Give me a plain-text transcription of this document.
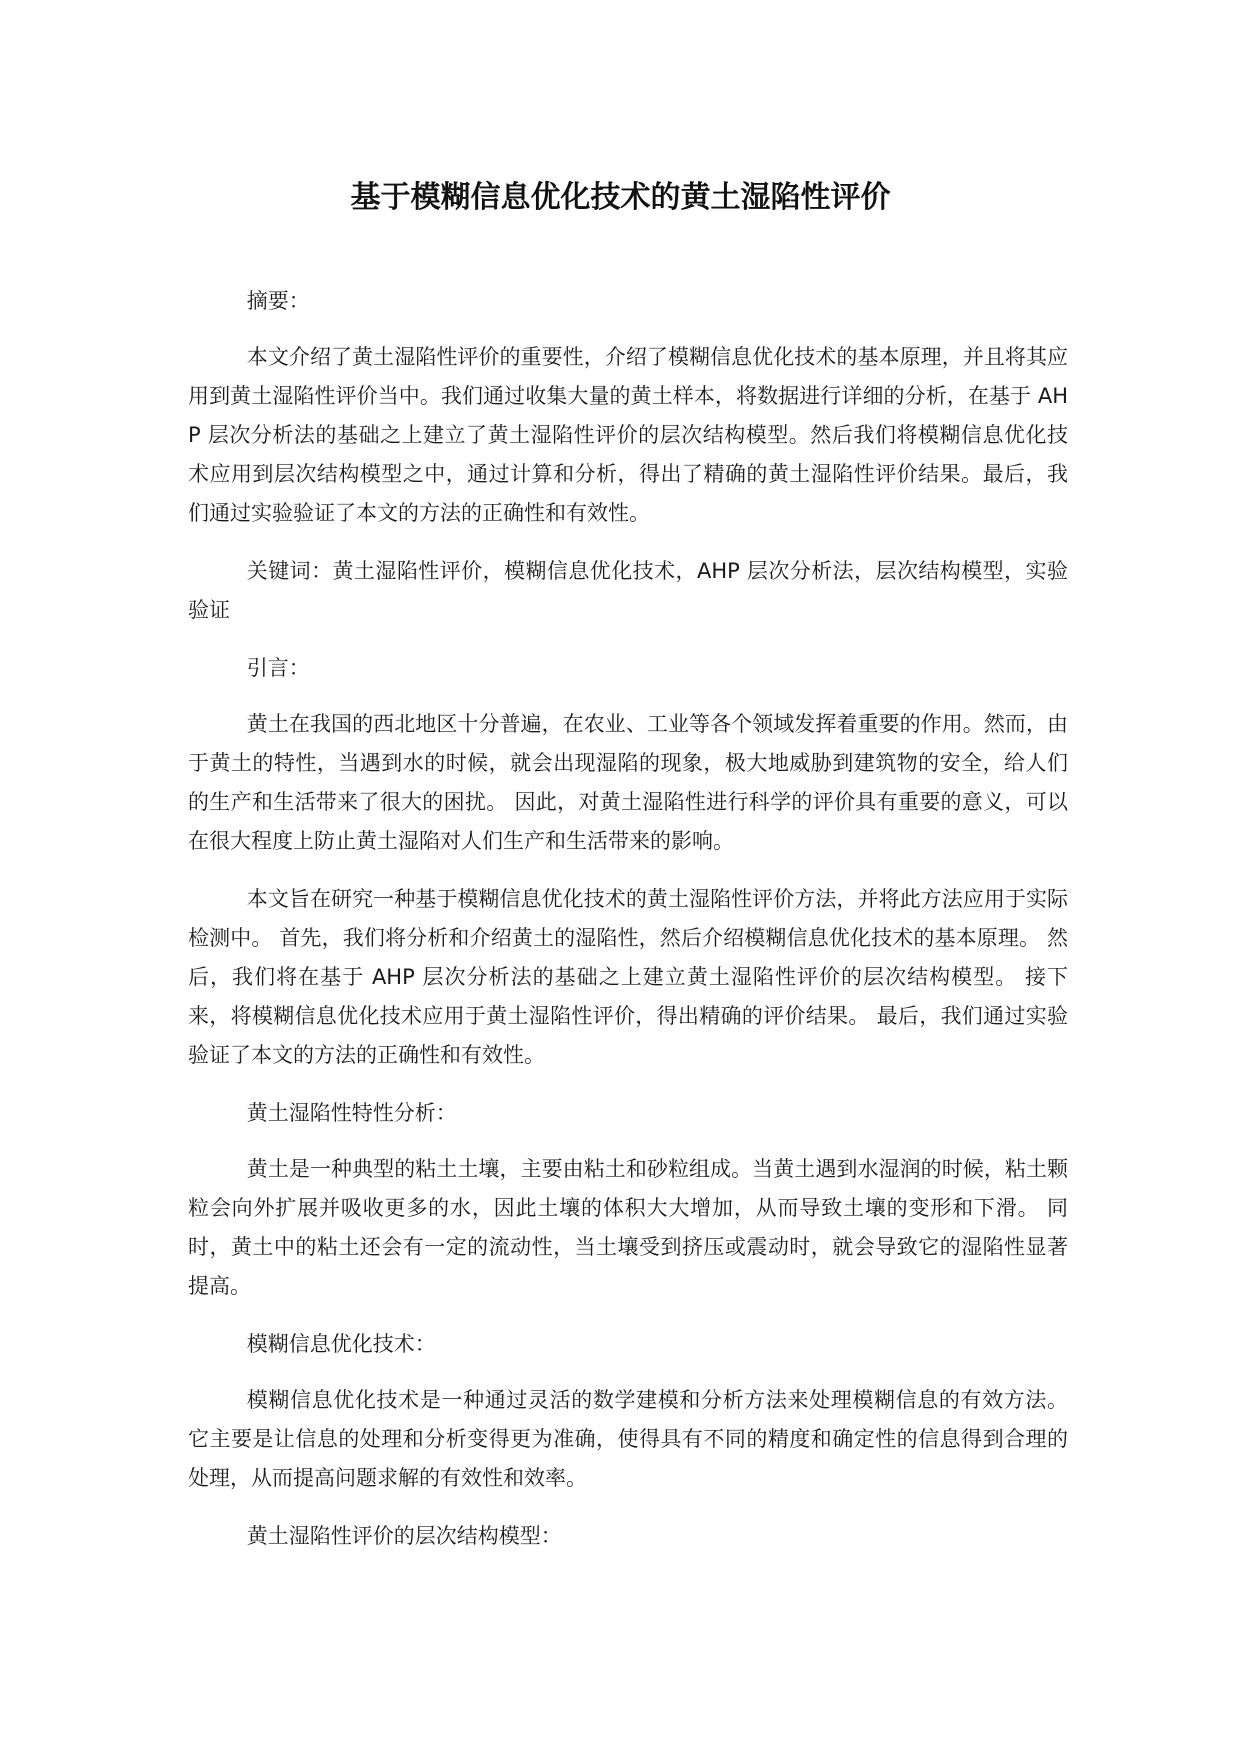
基于模糊信息优化技术的黄土湿陷性评价

摘要：

本文介绍了黄土湿陷性评价的重要性，介绍了模糊信息优化技术的基本原理，并且将其应用到黄土湿陷性评价当中。我们通过收集大量的黄土样本，将数据进行详细的分析，在基于 AHP 层次分析法的基础之上建立了黄土湿陷性评价的层次结构模型。然后我们将模糊信息优化技术应用到层次结构模型之中，通过计算和分析，得出了精确的黄土湿陷性评价结果。最后，我们通过实验验证了本文的方法的正确性和有效性。

关键词：黄土湿陷性评价，模糊信息优化技术，AHP 层次分析法，层次结构模型，实验验证

引言：

黄土在我国的西北地区十分普遍，在农业、工业等各个领域发挥着重要的作用。然而，由于黄土的特性，当遇到水的时候，就会出现湿陷的现象，极大地威胁到建筑物的安全，给人们的生产和生活带来了很大的困扰。 因此，对黄土湿陷性进行科学的评价具有重要的意义，可以在很大程度上防止黄土湿陷对人们生产和生活带来的影响。

本文旨在研究一种基于模糊信息优化技术的黄土湿陷性评价方法，并将此方法应用于实际检测中。 首先，我们将分析和介绍黄土的湿陷性，然后介绍模糊信息优化技术的基本原理。 然后，我们将在基于 AHP 层次分析法的基础之上建立黄土湿陷性评价的层次结构模型。 接下来，将模糊信息优化技术应用于黄土湿陷性评价，得出精确的评价结果。 最后，我们通过实验验证了本文的方法的正确性和有效性。

黄土湿陷性特性分析：

黄土是一种典型的粘土土壤，主要由粘土和砂粒组成。当黄土遇到水湿润的时候，粘土颗粒会向外扩展并吸收更多的水，因此土壤的体积大大增加，从而导致土壤的变形和下滑。 同时，黄土中的粘土还会有一定的流动性，当土壤受到挤压或震动时，就会导致它的湿陷性显著提高。

模糊信息优化技术：

模糊信息优化技术是一种通过灵活的数学建模和分析方法来处理模糊信息的有效方法。 它主要是让信息的处理和分析变得更为准确，使得具有不同的精度和确定性的信息得到合理的处理，从而提高问题求解的有效性和效率。

黄土湿陷性评价的层次结构模型：
